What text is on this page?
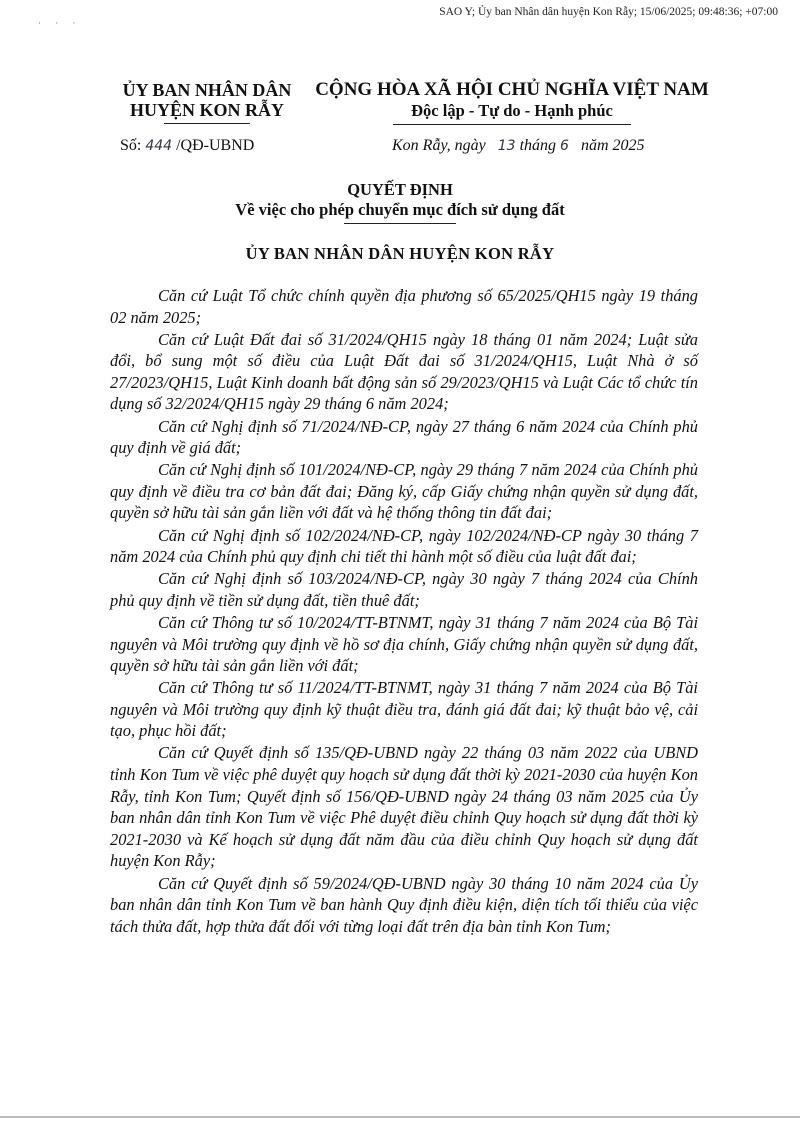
SAO Y; Ủy ban Nhân dân huyện Kon Rẫy; 15/06/2025; 09:48:36; +07:00
· · ·
ỦY BAN NHÂN DÂN
HUYỆN KON RẪY
CỘNG HÒA XÃ HỘI CHỦ NGHĨA VIỆT NAM
Độc lập - Tự do - Hạnh phúc
Số: 444 /QĐ-UBND	Kon Rẫy, ngày   13 tháng 6   năm 2025
QUYẾT ĐỊNH
Về việc cho phép chuyển mục đích sử dụng đất
ỦY BAN NHÂN DÂN HUYỆN KON RẪY

Căn cứ Luật Tổ chức chính quyền địa phương số 65/2025/QH15 ngày 19 tháng 02 năm 2025;

Căn cứ Luật Đất đai số 31/2024/QH15 ngày 18 tháng 01 năm 2024; Luật sửa đổi, bổ sung một số điều của Luật Đất đai số 31/2024/QH15, Luật Nhà ở số 27/2023/QH15, Luật Kinh doanh bất động sản số 29/2023/QH15 và Luật Các tổ chức tín dụng số 32/2024/QH15 ngày 29 tháng 6 năm 2024;

Căn cứ Nghị định số 71/2024/NĐ-CP, ngày 27 tháng 6 năm 2024 của Chính phủ quy định về giá đất;

Căn cứ Nghị định số 101/2024/NĐ-CP, ngày 29 tháng 7 năm 2024 của Chính phủ quy định về điều tra cơ bản đất đai; Đăng ký, cấp Giấy chứng nhận quyền sử dụng đất, quyền sở hữu tài sản gắn liền với đất và hệ thống thông tin đất đai;

Căn cứ Nghị định số 102/2024/NĐ-CP, ngày 102/2024/NĐ-CP ngày 30 tháng 7 năm 2024 của Chính phủ quy định chi tiết thi hành một số điều của luật đất đai;

Căn cứ Nghị định số 103/2024/NĐ-CP, ngày 30 ngày 7 tháng 2024 của Chính phủ quy định về tiền sử dụng đất, tiền thuê đất;

Căn cứ Thông tư số 10/2024/TT-BTNMT, ngày 31 tháng 7 năm 2024 của Bộ Tài nguyên và Môi trường quy định về hồ sơ địa chính, Giấy chứng nhận quyền sử dụng đất, quyền sở hữu tài sản gắn liền với đất;

Căn cứ Thông tư số 11/2024/TT-BTNMT, ngày 31 tháng 7 năm 2024 của Bộ Tài nguyên và Môi trường quy định kỹ thuật điều tra, đánh giá đất đai; kỹ thuật bảo vệ, cải tạo, phục hồi đất;

Căn cứ Quyết định số 135/QĐ-UBND ngày 22 tháng 03 năm 2022 của UBND tỉnh Kon Tum về việc phê duyệt quy hoạch sử dụng đất thời kỳ 2021-2030 của huyện Kon Rẫy, tỉnh Kon Tum; Quyết định số 156/QĐ-UBND ngày 24 tháng 03 năm 2025 của Ủy ban nhân dân tỉnh Kon Tum về việc Phê duyệt điều chỉnh Quy hoạch sử dụng đất thời kỳ 2021-2030 và Kế hoạch sử dụng đất năm đầu của điều chỉnh Quy hoạch sử dụng đất huyện Kon Rẫy;

Căn cứ Quyết định số 59/2024/QĐ-UBND ngày 30 tháng 10 năm 2024 của Ủy ban nhân dân tỉnh Kon Tum về ban hành Quy định điều kiện, diện tích tối thiểu của việc tách thửa đất, hợp thửa đất đối với từng loại đất trên địa bàn tỉnh Kon Tum;
